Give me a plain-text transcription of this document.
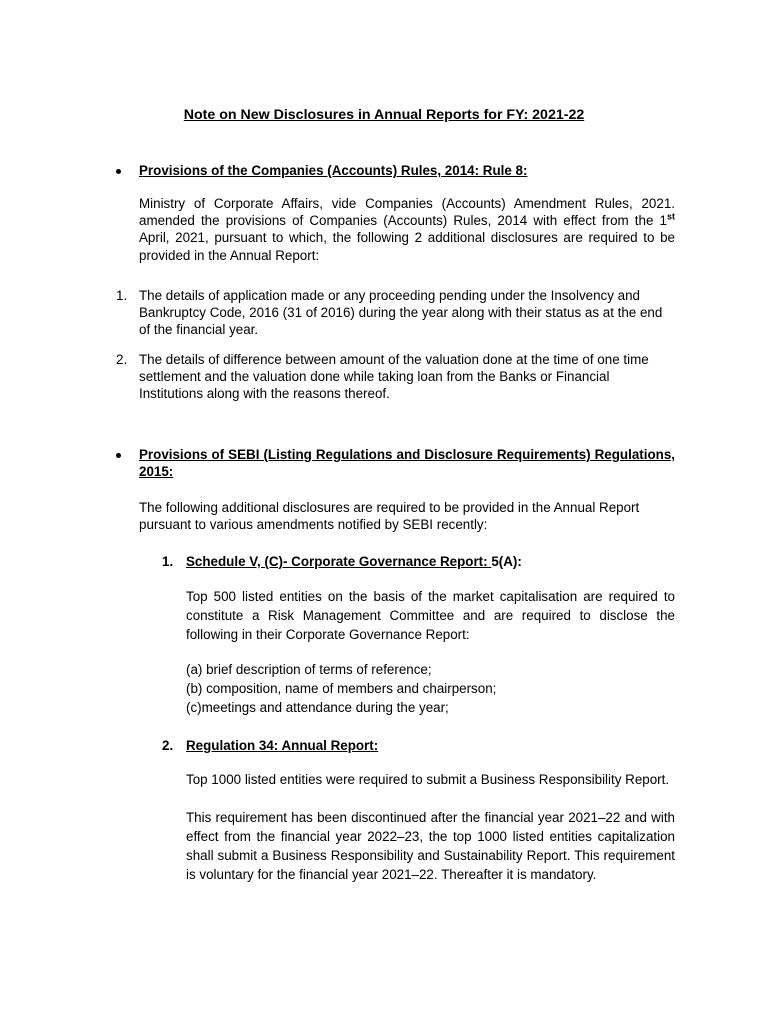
Note on New Disclosures in Annual Reports for FY: 2021-22
Provisions of the Companies (Accounts) Rules, 2014: Rule 8:
Ministry of Corporate Affairs, vide Companies (Accounts) Amendment Rules, 2021. amended the provisions of Companies (Accounts) Rules, 2014 with effect from the 1st April, 2021, pursuant to which, the following 2 additional disclosures are required to be provided in the Annual Report:
1. The details of application made or any proceeding pending under the Insolvency and Bankruptcy Code, 2016 (31 of 2016) during the year along with their status as at the end of the financial year.
2. The details of difference between amount of the valuation done at the time of one time settlement and the valuation done while taking loan from the Banks or Financial Institutions along with the reasons thereof.
Provisions of SEBI (Listing Regulations and Disclosure Requirements) Regulations, 2015:
The following additional disclosures are required to be provided in the Annual Report pursuant to various amendments notified by SEBI recently:
1. Schedule V, (C)- Corporate Governance Report: 5(A):
Top 500 listed entities on the basis of the market capitalisation are required to constitute a Risk Management Committee and are required to disclose the following in their Corporate Governance Report:
(a) brief description of terms of reference;
(b) composition, name of members and chairperson;
(c)meetings and attendance during the year;
2. Regulation 34: Annual Report:
Top 1000 listed entities were required to submit a Business Responsibility Report.
This requirement has been discontinued after the financial year 2021–22 and with effect from the financial year 2022–23, the top 1000 listed entities capitalization shall submit a Business Responsibility and Sustainability Report. This requirement is voluntary for the financial year 2021–22. Thereafter it is mandatory.
